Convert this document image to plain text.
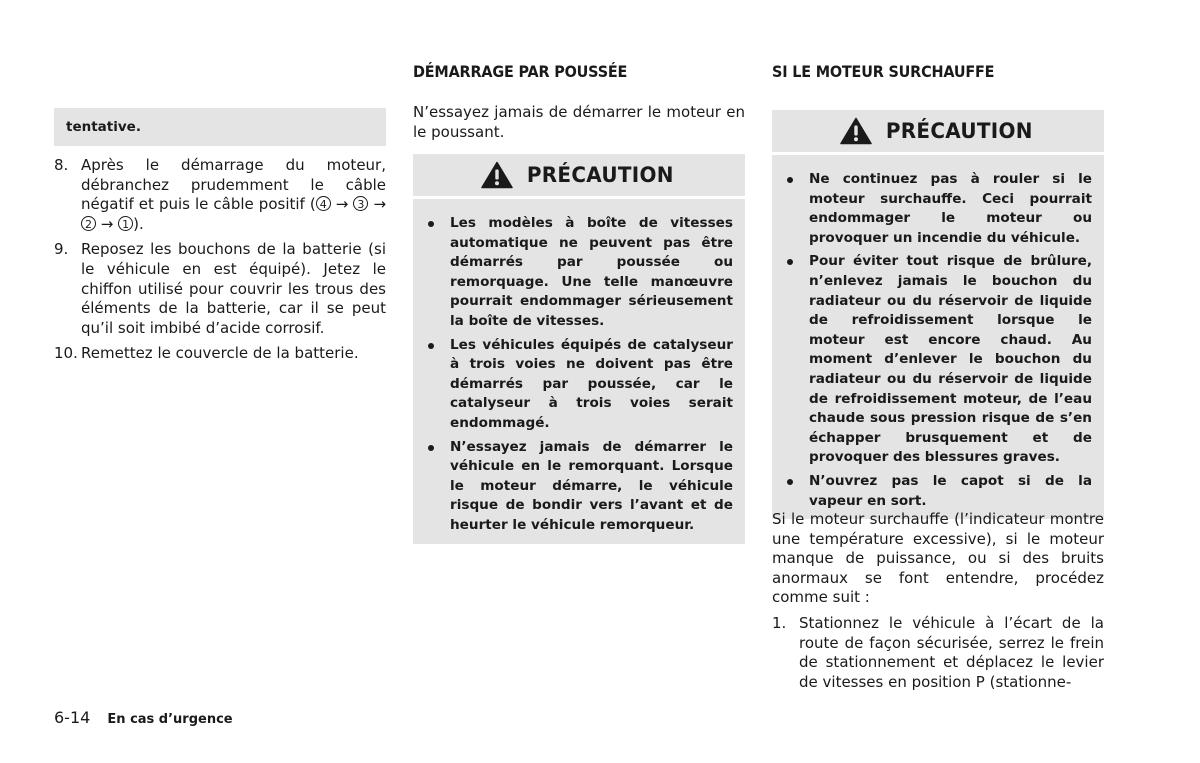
tentative.
8. Après le démarrage du moteur, débranchez prudemment le câble négatif et puis le câble positif ( 4 → 3 → 2 → 1 ).
9. Reposez les bouchons de la batterie (si le véhicule en est équipé). Jetez le chiffon utilisé pour couvrir les trous des éléments de la batterie, car il se peut qu’il soit imbibé d’acide corrosif.
10. Remettez le couvercle de la batterie.
DÉMARRAGE PAR POUSSÉE

N’essayez jamais de démarrer le moteur en le poussant.

PRÉCAUTION
Les modèles à boîte de vitesses automatique ne peuvent pas être démarrés par poussée ou remorquage. Une telle manœuvre pourrait endommager sérieusement la boîte de vitesses.
Les véhicules équipés de catalyseur à trois voies ne doivent pas être démarrés par poussée, car le catalyseur à trois voies serait endommagé.
N’essayez jamais de démarrer le véhicule en le remorquant. Lorsque le moteur démarre, le véhicule risque de bondir vers l’avant et de heurter le véhicule remorqueur.
SI LE MOTEUR SURCHAUFFE
PRÉCAUTION
Ne continuez pas à rouler si le moteur surchauffe. Ceci pourrait endommager le moteur ou provoquer un incendie du véhicule.
Pour éviter tout risque de brûlure, n’enlevez jamais le bouchon du radiateur ou du réservoir de liquide de refroidissement lorsque le moteur est encore chaud. Au moment d’enlever le bouchon du radiateur ou du réservoir de liquide de refroidissement moteur, de l’eau chaude sous pression risque de s’en échapper brusquement et de provoquer des blessures graves.
N’ouvrez pas le capot si de la vapeur en sort.

Si le moteur surchauffe (l’indicateur montre une température excessive), si le moteur manque de puissance, ou si des bruits anormaux se font entendre, procédez comme suit :

1. Stationnez le véhicule à l’écart de la route de façon sécurisée, serrez le frein de stationnement et déplacez le levier de vitesses en position P (stationne-
6-14 En cas d’urgence
